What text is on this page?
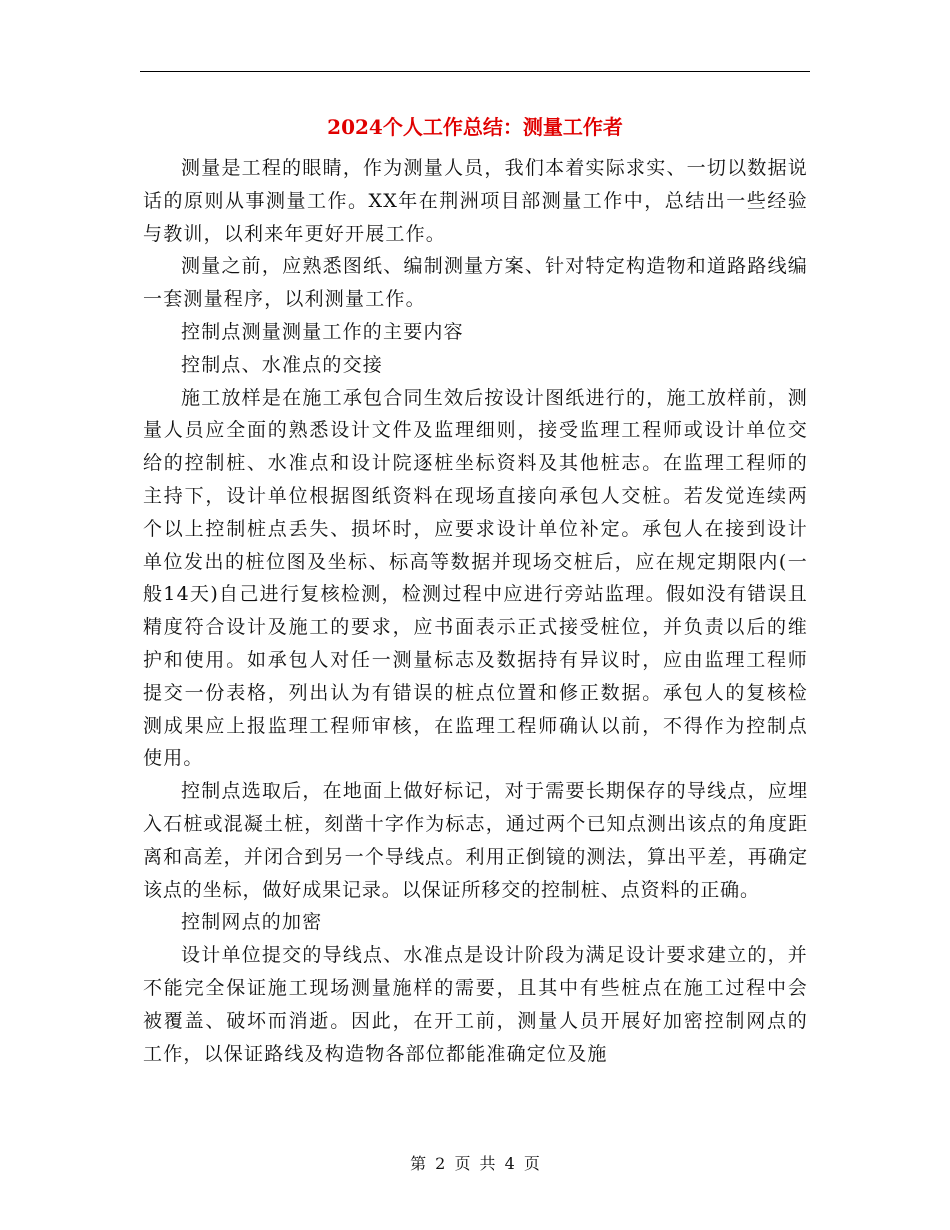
2024个人工作总结：测量工作者

测量是工程的眼睛，作为测量人员，我们本着实际求实、一切以数据说话的原则从事测量工作。XX年在荆洲项目部测量工作中，总结出一些经验与教训，以利来年更好开展工作。

测量之前，应熟悉图纸、编制测量方案、针对特定构造物和道路路线编一套测量程序，以利测量工作。

控制点测量测量工作的主要内容

控制点、水准点的交接

施工放样是在施工承包合同生效后按设计图纸进行的，施工放样前，测量人员应全面的熟悉设计文件及监理细则，接受监理工程师或设计单位交给的控制桩、水准点和设计院逐桩坐标资料及其他桩志。在监理工程师的主持下，设计单位根据图纸资料在现场直接向承包人交桩。若发觉连续两个以上控制桩点丢失、损坏时，应要求设计单位补定。承包人在接到设计单位发出的桩位图及坐标、标高等数据并现场交桩后，应在规定期限内(一般14天)自己进行复核检测，检测过程中应进行旁站监理。假如没有错误且精度符合设计及施工的要求，应书面表示正式接受桩位，并负责以后的维护和使用。如承包人对任一测量标志及数据持有异议时，应由监理工程师提交一份表格，列出认为有错误的桩点位置和修正数据。承包人的复核检测成果应上报监理工程师审核，在监理工程师确认以前，不得作为控制点使用。

控制点选取后，在地面上做好标记，对于需要长期保存的导线点，应埋入石桩或混凝土桩，刻凿十字作为标志，通过两个已知点测出该点的角度距离和高差，并闭合到另一个导线点。利用正倒镜的测法，算出平差，再确定该点的坐标，做好成果记录。以保证所移交的控制桩、点资料的正确。

控制网点的加密

设计单位提交的导线点、水准点是设计阶段为满足设计要求建立的，并不能完全保证施工现场测量施样的需要，且其中有些桩点在施工过程中会被覆盖、破坏而消逝。因此，在开工前，测量人员开展好加密控制网点的工作，以保证路线及构造物各部位都能准确定位及施

第 2 页 共 4 页
